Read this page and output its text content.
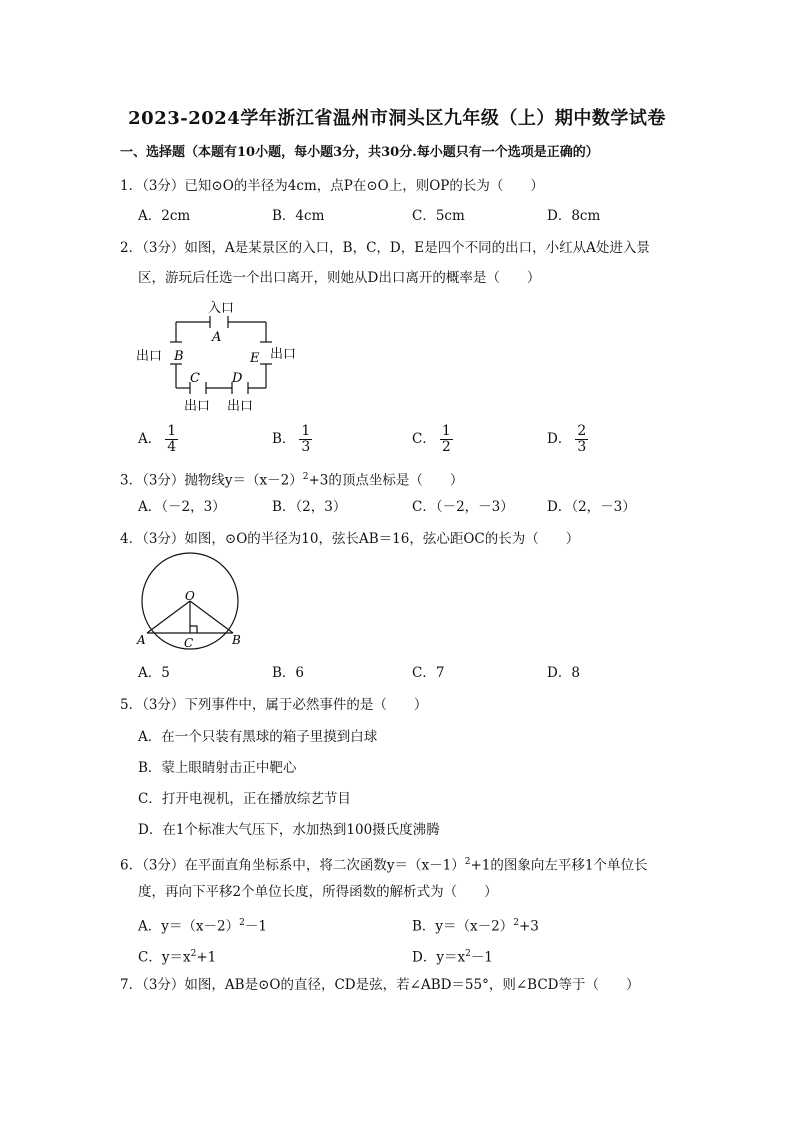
2023-2024学年浙江省温州市洞头区九年级（上）期中数学试卷
一、选择题（本题有10小题，每小题3分，共30分.每小题只有一个选项是正确的）
1．（3分）已知⊙O的半径为4cm，点P在⊙O上，则OP的长为（　　）
A．2cm	B．4cm	C．5cm	D．8cm
2．（3分）如图，A是某景区的入口，B，C，D，E是四个不同的出口，小红从A处进入景
区，游玩后任选一个出口离开，则她从D出口离开的概率是（　　）
入口
A
出口 B	E 出口
C D
出口 出口
A． $\frac{1}{4}$	B． $\frac{1}{3}$	C． $\frac{1}{2}$	D． $\frac{2}{3}$
3．（3分）抛物线$y=(x-2)^2+3$的顶点坐标是（　　）
A．（－2，3）	B．（2，3）	C．（－2，－3） D．（2，－3）
4．（3分）如图，⊙O的半径为10，弦长AB＝16，弦心距OC的长为（　　）
O
A	B
C
A．5	B．6	C．7	D．8
5．（3分）下列事件中，属于必然事件的是（　　）
A．在一个只装有黑球的箱子里摸到白球
B．蒙上眼睛射击正中靶心
C．打开电视机，正在播放综艺节目
D．在1个标准大气压下，水加热到100摄氏度沸腾
6．（3分）在平面直角坐标系中，将二次函数$y=(x-1)^2+1$的图象向左平移1个单位长
度，再向下平移2个单位长度，所得函数的解析式为（　　）
A．$y=(x-2)^2-1$	B．$y=(x-2)^2+3$
C．$y=x^2+1$	D．$y=x^2-1$
7．（3分）如图，AB是⊙O的直径，CD是弦，若∠ABD＝55°，则∠BCD等于（　　）
